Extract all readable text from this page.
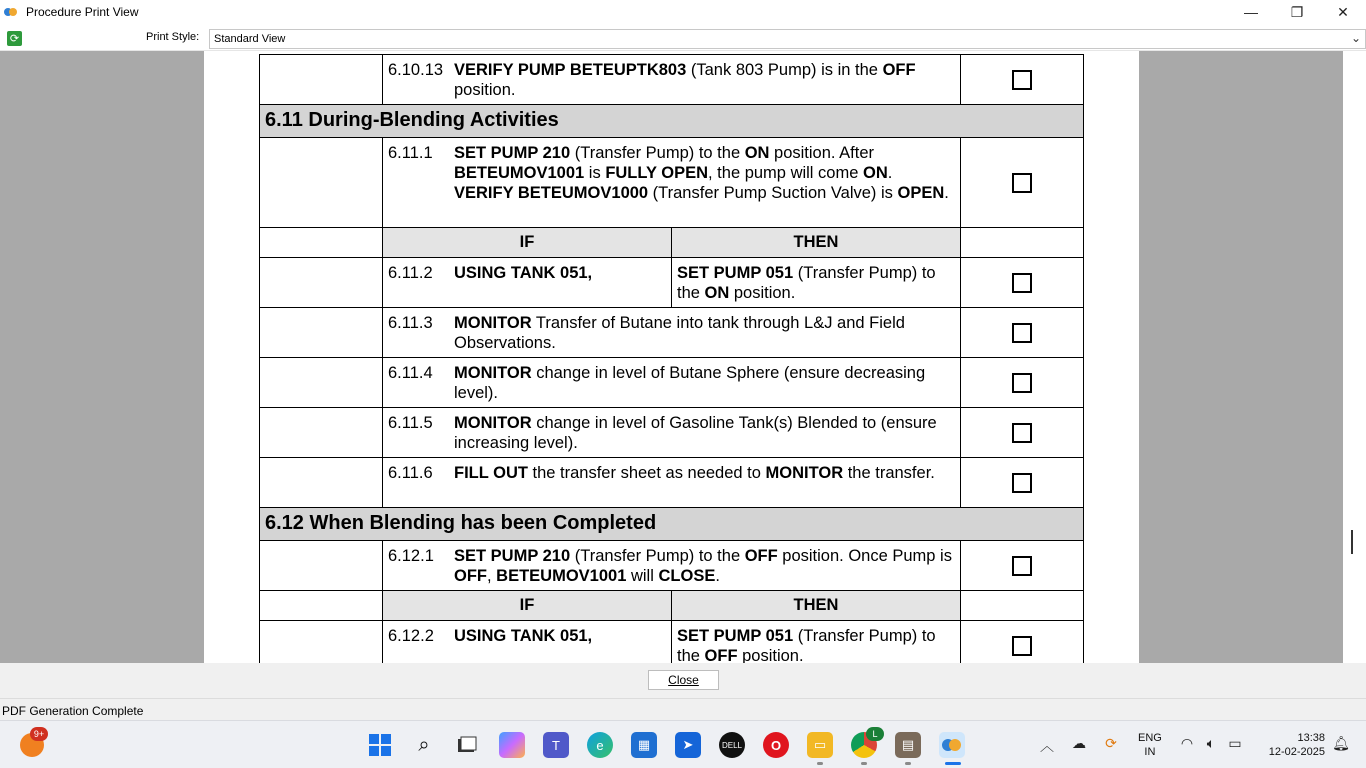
Procedure Print View	—	❐	✕
⟳	Print Style:	Standard View	⌄

	6.10.13 VERIFY PUMP BETEUPTK803 (Tank 803 Pump) is in the OFF position.		

6.11 During-Blending Activities			

	6.11.1 SET PUMP 210 (Transfer Pump) to the ON position. After BETEUMOV1001 is FULLY OPEN, the pump will come ON. VERIFY BETEUMOV1000 (Transfer Pump Suction Valve) is OPEN.		

	IF	THEN	

	6.11.2 USING TANK 051,	SET PUMP 051 (Transfer Pump) to the ON position.	

	6.11.3 MONITOR Transfer of Butane into tank through L&J and Field Observations.		

	6.11.4 MONITOR change in level of Butane Sphere (ensure decreasing level).		

	6.11.5 MONITOR change in level of Gasoline Tank(s) Blended to (ensure increasing level).		

	6.11.6 FILL OUT the transfer sheet as needed to MONITOR the transfer.		

6.12 When Blending has been Completed			

	6.12.1 SET PUMP 210 (Transfer Pump) to the OFF position. Once Pump is OFF, BETEUMOV1001 will CLOSE.		

	IF	THEN	

	6.12.2 USING TANK 051,	SET PUMP 051 (Transfer Pump) to the OFF position.	
Close
PDF Generation Complete
9+	⌕	T	e	▦	➤	DELL	O	▭
L
▤	︿ ☁ ⟳ ENG
IN
◠ 🔈︎ ▭	13:38
12-02-2025
🔔︎
